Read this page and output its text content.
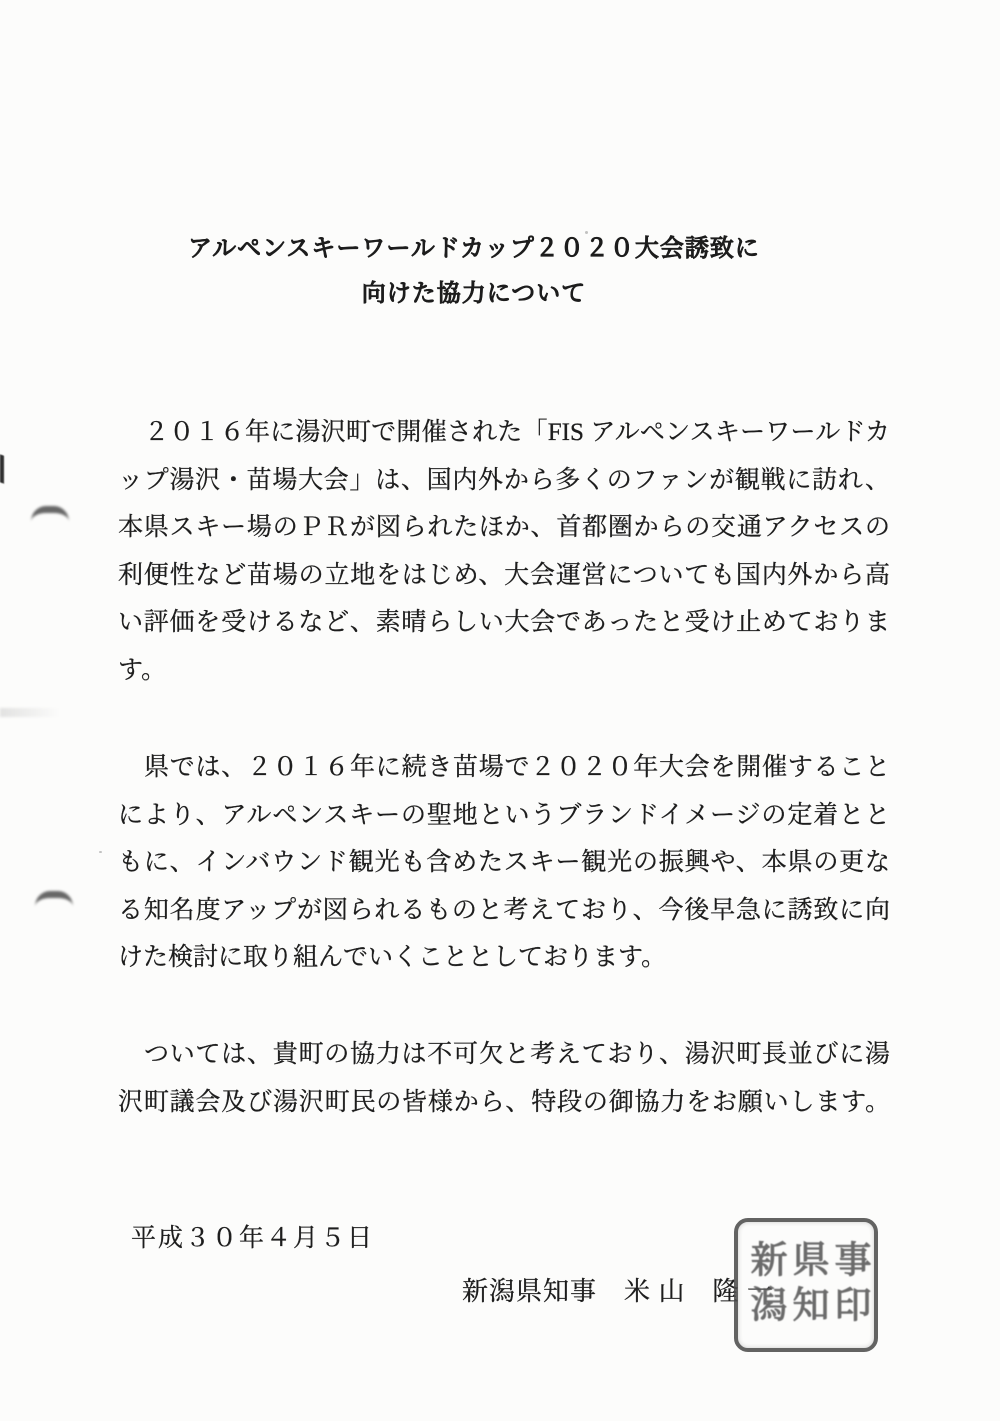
アルペンスキーワールドカップ２０２０大会誘致に
向けた協力について
２０１６年に湯沢町で開催された「FIS アルペンスキーワールドカ
ップ湯沢・苗場大会」は、国内外から多くのファンが観戦に訪れ、
本県スキー場のＰＲが図られたほか、首都圏からの交通アクセスの
利便性など苗場の立地をはじめ、大会運営についても国内外から高
い評価を受けるなど、素晴らしい大会であったと受け止めておりま
す。
県では、２０１６年に続き苗場で２０２０年大会を開催すること
により、アルペンスキーの聖地というブランドイメージの定着とと
もに、インバウンド観光も含めたスキー観光の振興や、本県の更な
る知名度アップが図られるものと考えており、今後早急に誘致に向
けた検討に取り組んでいくこととしております。
ついては、貴町の協力は不可欠と考えており、湯沢町長並びに湯
沢町議会及び湯沢町民の皆様から、特段の御協力をお願いします。
平成３０年４月５日
新潟県知事　米 山　隆 一
新潟 県知 事印
